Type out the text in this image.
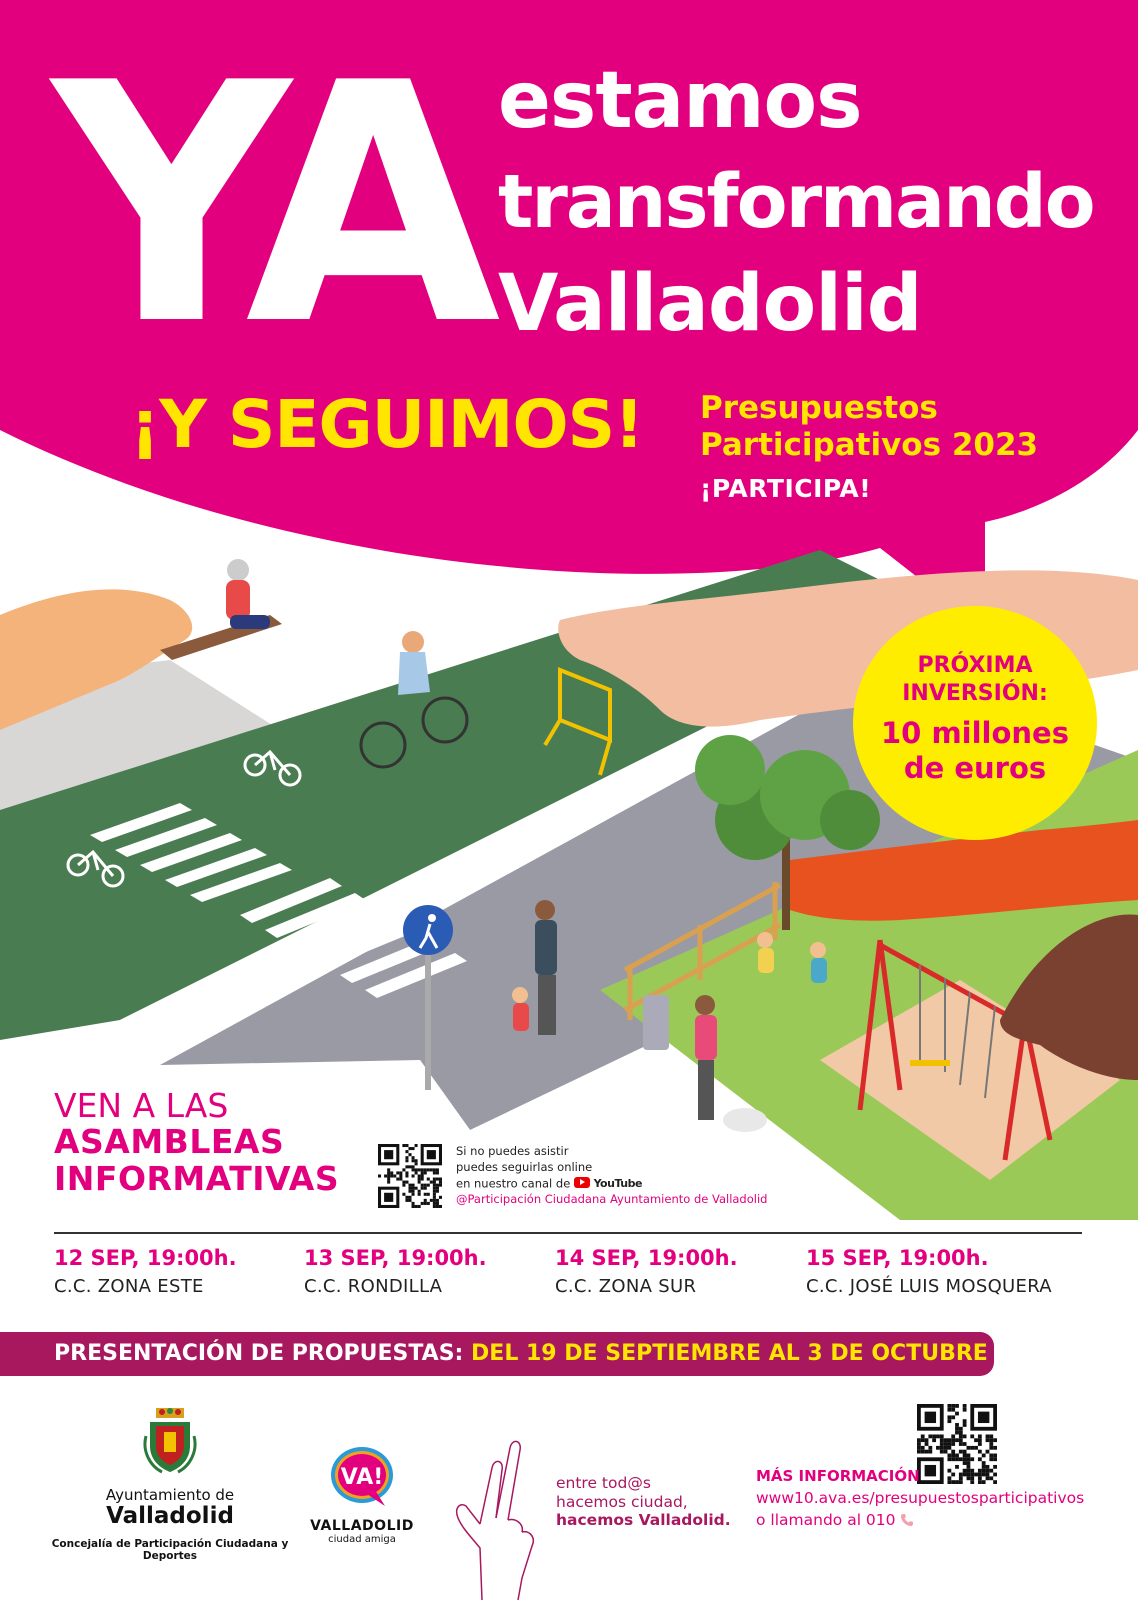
YA estamos
transformando
Valladolid
¡Y SEGUIMOS! Presupuestos
Participativos 2023
¡PARTICIPA!
PRÓXIMA
INVERSIÓN:
10 millones
de euros
VEN A LAS
ASAMBLEAS
INFORMATIVAS
Si no puedes asistir
puedes seguirlas online
en nuestro canal de YouTube
@Participación Ciudadana Ayuntamiento de Valladolid
12 SEP, 19:00h.
C.C. ZONA ESTE
13 SEP, 19:00h.
C.C. RONDILLA
14 SEP, 19:00h.
C.C. ZONA SUR
15 SEP, 19:00h.
C.C. JOSÉ LUIS MOSQUERA
PRESENTACIÓN DE PROPUESTAS: DEL 19 DE SEPTIEMBRE AL 3 DE OCTUBRE
Ayuntamiento de
Valladolid
Concejalía de Participación Ciudadana y Deportes
VA!
VALLADOLID
ciudad amiga
entre tod@s
hacemos ciudad,
hacemos Valladolid.
MÁS INFORMACIÓN
www10.ava.es/presupuestosparticipativos
o llamando al 010
